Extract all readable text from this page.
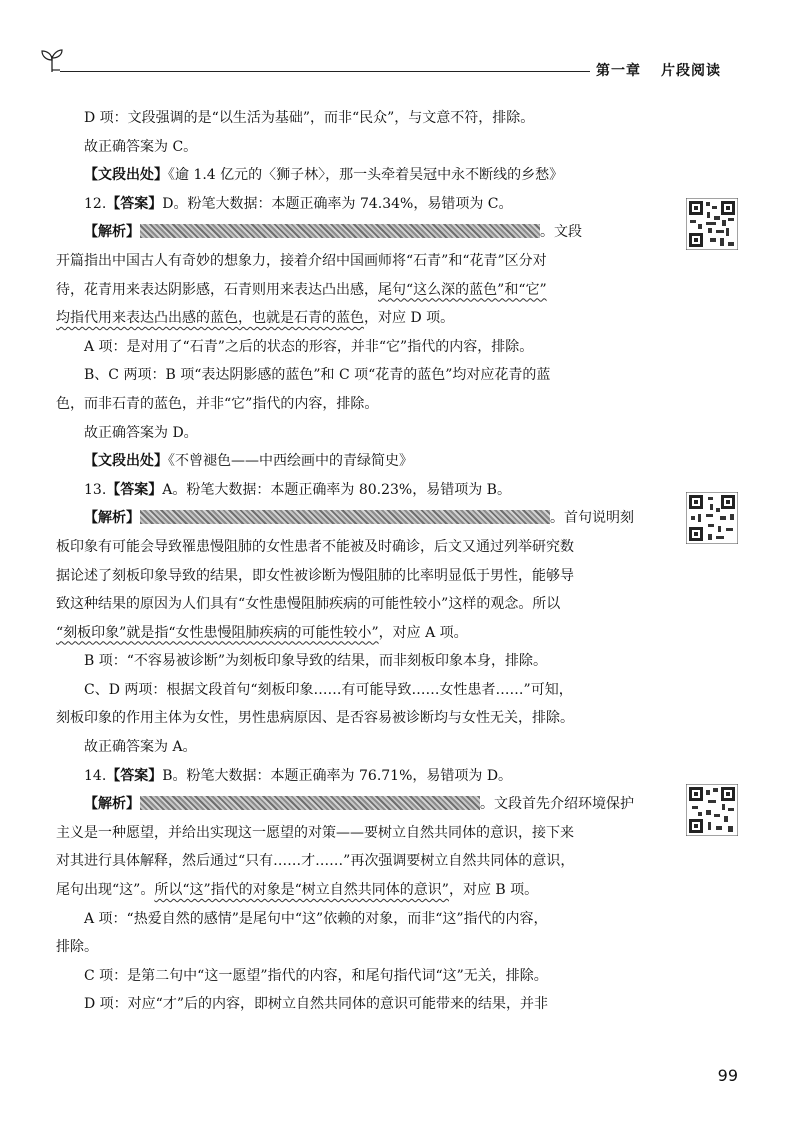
第一章 片段阅读
D 项：文段强调的是“以生活为基础”，而非“民众”，与文意不符，排除。
故正确答案为 C。
【文段出处】《逾 1.4 亿元的〈狮子林〉，那一头牵着吴冠中永不断线的乡愁》
12.【答案】D。粉笔大数据：本题正确率为 74.34%，易错项为 C。
【解析】	。文段
开篇指出中国古人有奇妙的想象力，接着介绍中国画师将“石青”和“花青”区分对
待，花青用来表达阴影感，石青则用来表达凸出感，尾句“这么深的蓝色”和“它”
均指代用来表达凸出感的蓝色，也就是石青的蓝色，对应 D 项。
A 项：是对用了“石青”之后的状态的形容，并非“它”指代的内容，排除。
B、C 两项：B 项“表达阴影感的蓝色”和 C 项“花青的蓝色”均对应花青的蓝
色，而非石青的蓝色，并非“它”指代的内容，排除。
故正确答案为 D。
【文段出处】《不曾褪色——中西绘画中的青绿简史》
13.【答案】A。粉笔大数据：本题正确率为 80.23%，易错项为 B。
【解析】	。首句说明刻
板印象有可能会导致罹患慢阻肺的女性患者不能被及时确诊，后文又通过列举研究数
据论述了刻板印象导致的结果，即女性被诊断为慢阻肺的比率明显低于男性，能够导
致这种结果的原因为人们具有“女性患慢阻肺疾病的可能性较小”这样的观念。所以
“刻板印象”就是指“女性患慢阻肺疾病的可能性较小”，对应 A 项。
B 项：“不容易被诊断”为刻板印象导致的结果，而非刻板印象本身，排除。
C、D 两项：根据文段首句“刻板印象……有可能导致……女性患者……”可知，
刻板印象的作用主体为女性，男性患病原因、是否容易被诊断均与女性无关，排除。
故正确答案为 A。
14.【答案】B。粉笔大数据：本题正确率为 76.71%，易错项为 D。
【解析】	。文段首先介绍环境保护
主义是一种愿望，并给出实现这一愿望的对策——要树立自然共同体的意识，接下来
对其进行具体解释，然后通过“只有……才……”再次强调要树立自然共同体的意识，
尾句出现“这”。所以“这”指代的对象是“树立自然共同体的意识”，对应 B 项。
A 项：“热爱自然的感情”是尾句中“这”依赖的对象，而非“这”指代的内容，
排除。
C 项：是第二句中“这一愿望”指代的内容，和尾句指代词“这”无关，排除。
D 项：对应“才”后的内容，即树立自然共同体的意识可能带来的结果，并非
99
